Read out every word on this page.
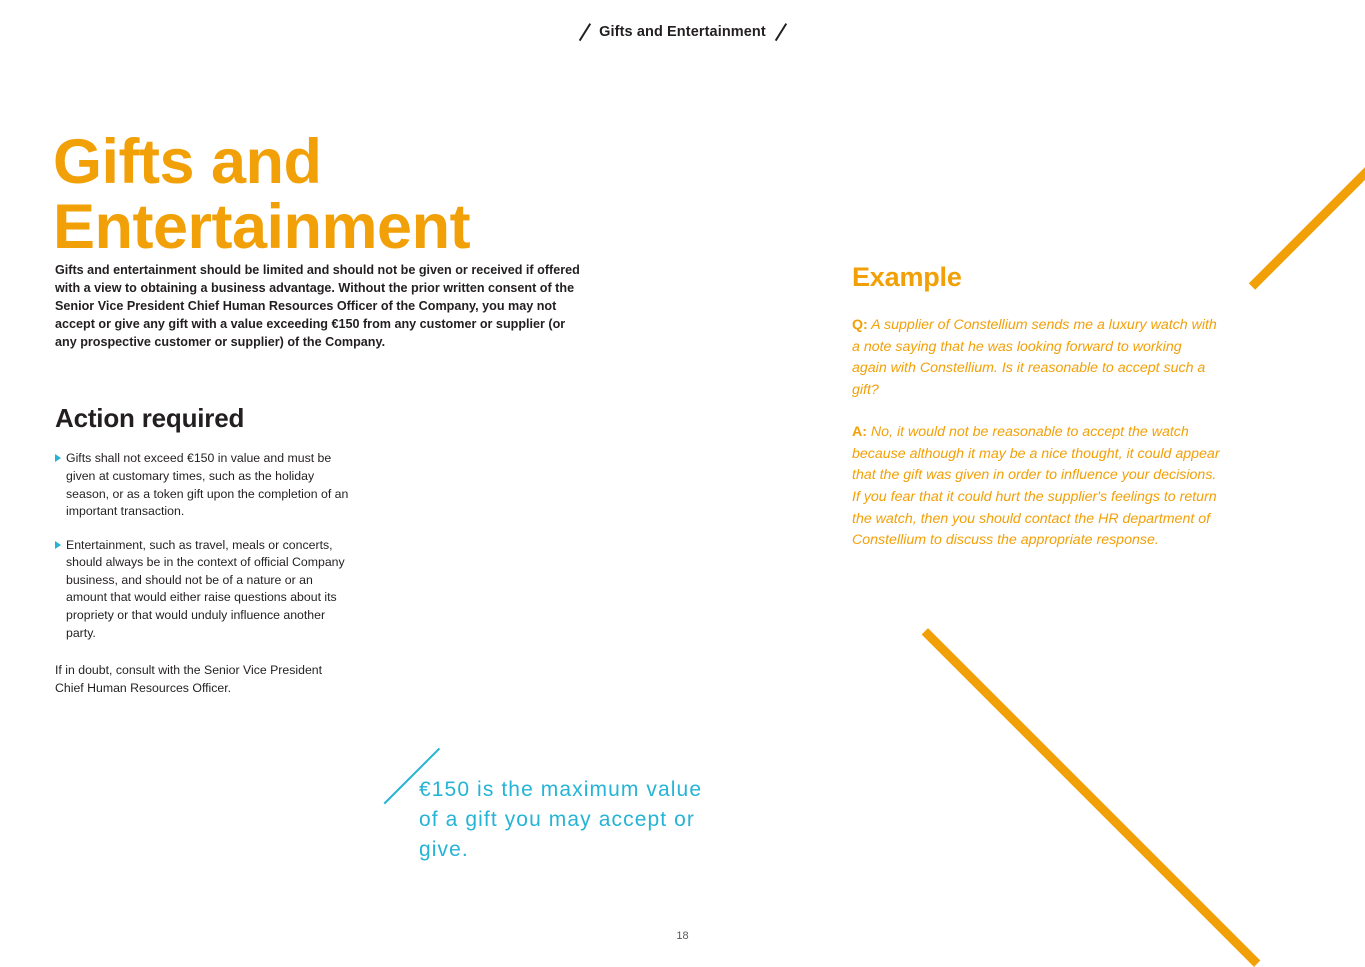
Gifts and Entertainment
Gifts and Entertainment

Gifts and entertainment should be limited and should not be given or received if offered with a view to obtaining a business advantage. Without the prior written consent of the Senior Vice President Chief Human Resources Officer of the Company, you may not accept or give any gift with a value exceeding €150 from any customer or supplier (or any prospective customer or supplier) of the Company.

Action required
Gifts shall not exceed €150 in value and must be given at customary times, such as the holiday season, or as a token gift upon the completion of an important transaction.
Entertainment, such as travel, meals or concerts, should always be in the context of official Company business, and should not be of a nature or an amount that would either raise questions about its propriety or that would unduly influence another party.

If in doubt, consult with the Senior Vice President Chief Human Resources Officer.

€150 is the maximum value of a gift you may accept or give.
Example

Q: A supplier of Constellium sends me a luxury watch with a note saying that he was looking forward to working again with Constellium. Is it reasonable to accept such a gift?

A: No, it would not be reasonable to accept the watch because although it may be a nice thought, it could appear that the gift was given in order to influence your decisions. If you fear that it could hurt the supplier's feelings to return the watch, then you should contact the HR department of Constellium to discuss the appropriate response.

18
